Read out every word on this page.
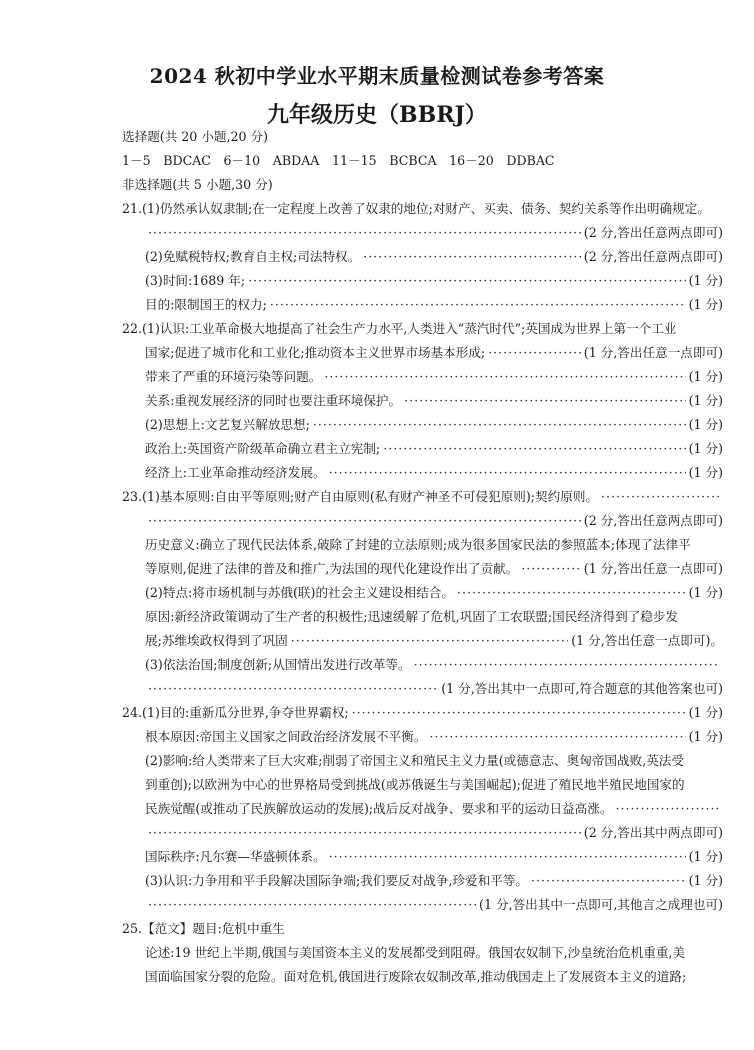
2024 秋初中学业水平期末质量检测试卷参考答案
九年级历史（BBRJ）
选择题(共 20 小题,20 分)
1－5　BDCAC　6－10　ABDAA　11－15　BCBCA　16－20　DDBAC
非选择题(共 5 小题,30 分)
21.(1)仍然承认奴隶制;在一定程度上改善了奴隶的地位;对财产、买卖、债务、契约关系等作出明确规定。
·····
(2 分,答出任意两点即可)
(2)免赋税特权;教育自主权;司法特权。 ·····	(2 分,答出任意两点即可)
(3)时间:1689 年; ·····	(1 分)
目的:限制国王的权力; ·····	(1 分)
22.(1)认识:工业革命极大地提高了社会生产力水平,人类进入“蒸汽时代”;英国成为世界上第一个工业
国家;促进了城市化和工业化;推动资本主义世界市场基本形成; ·····	(1 分,答出任意一点即可)
带来了严重的环境污染等问题。 ·····	(1 分)
关系:重视发展经济的同时也要注重环境保护。 ·····	(1 分)
(2)思想上:文艺复兴解放思想; ·····	(1 分)
政治上:英国资产阶级革命确立君主立宪制; ·····	(1 分)
经济上:工业革命推动经济发展。 ·····	(1 分)
23.(1)基本原则:自由平等原则;财产自由原则(私有财产神圣不可侵犯原则);契约原则。
·····
·····
(2 分,答出任意两点即可)
历史意义:确立了现代民法体系,破除了封建的立法原则;成为很多国家民法的参照蓝本;体现了法律平
等原则,促进了法律的普及和推广,为法国的现代化建设作出了贡献。 ·····	(1 分,答出任意一点即可)
(2)特点:将市场机制与苏俄(联)的社会主义建设相结合。 ·····	(1 分)
原因:新经济政策调动了生产者的积极性;迅速缓解了危机,巩固了工农联盟;国民经济得到了稳步发
展;苏维埃政权得到了巩固 ·····	(1 分,答出任意一点即可)。
(3)依法治国;制度创新;从国情出发进行改革等。
·····
·····
(1 分,答出其中一点即可,符合题意的其他答案也可)
24.(1)目的:重新瓜分世界,争夺世界霸权; ·····	(1 分)
根本原因:帝国主义国家之间政治经济发展不平衡。 ·····	(1 分)
(2)影响:给人类带来了巨大灾难;削弱了帝国主义和殖民主义力量(或德意志、奥匈帝国战败,英法受
到重创);以欧洲为中心的世界格局受到挑战(或苏俄诞生与美国崛起);促进了殖民地半殖民地国家的
民族觉醒(或推动了民族解放运动的发展);战后反对战争、要求和平的运动日益高涨。
·····
·····
(2 分,答出其中两点即可)
国际秩序:凡尔赛—华盛顿体系。 ·····	(1 分)
(3)认识:力争用和平手段解决国际争端;我们要反对战争,珍爱和平等。 ·····	(1 分)
·····
(1 分,答出其中一点即可,其他言之成理也可)
25.【范文】题目:危机中重生
论述:19 世纪上半期,俄国与美国资本主义的发展都受到阻碍。俄国农奴制下,沙皇统治危机重重,美
国面临国家分裂的危险。面对危机,俄国进行废除农奴制改革,推动俄国走上了发展资本主义的道路;
